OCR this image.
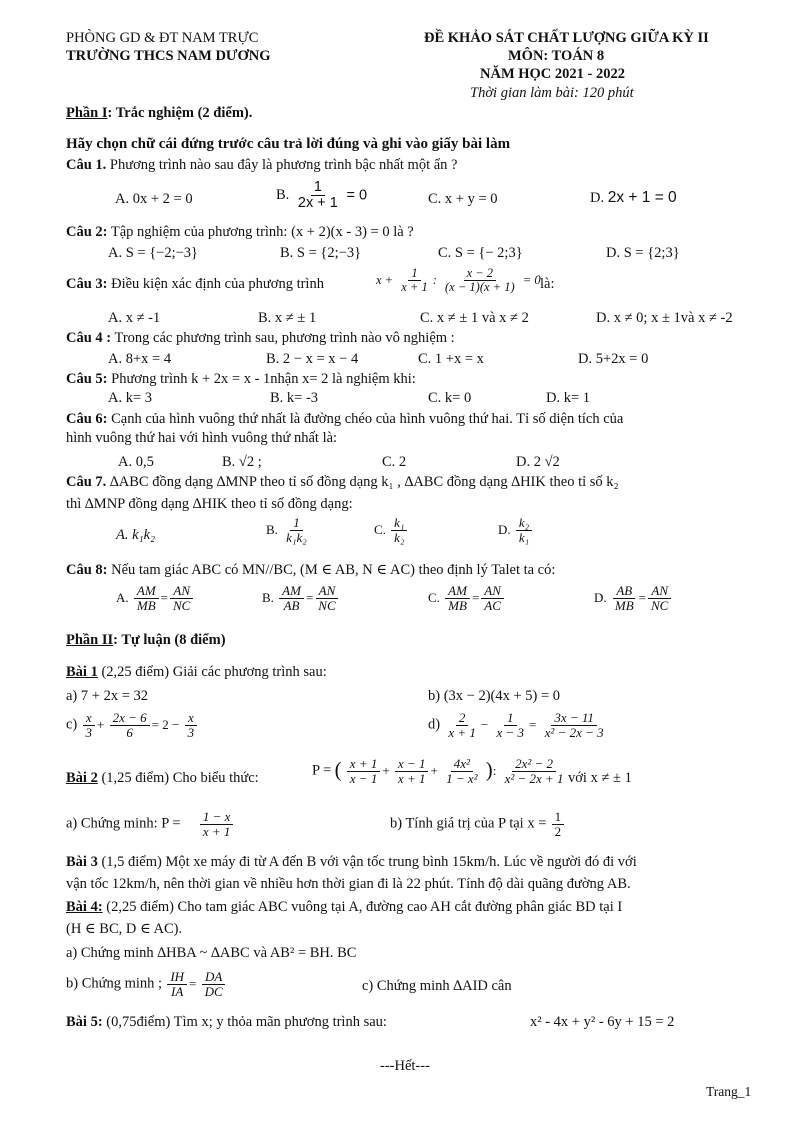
PHÒNG GD & ĐT NAM TRỰC
TRƯỜNG THCS NAM DƯƠNG
ĐỀ KHẢO SÁT CHẤT LƯỢNG GIỮA KỲ II
MÔN: TOÁN 8
NĂM HỌC 2021 - 2022
Thời gian làm bài: 120 phút
Phần I: Trắc nghiệm (2 điểm).
Hãy chọn chữ cái đứng trước câu trả lời đúng và ghi vào giấy bài làm
Câu 1. Phương trình nào sau đây là phương trình bậc nhất một ẩn ?
A. 0x + 2 = 0	B. $\frac{1}{2x + 1} = 0$	C. x + y = 0	D. 2x + 1 = 0
Câu 2: Tập nghiệm của phương trình: (x + 2)(x - 3) = 0 là ?
A. S = {−2;−3}	B. S = {2;−3}	C. S = {− 2;3}	D. S = {2;3}
Câu 3: Điều kiện xác định của phương trình	$x + \frac{1}{x + 1}$ : $\frac{x - 2}{(x - 1)(x + 1)} = 0$ là:
A. x ≠ -1	B. x ≠ ± 1	C. x ≠ ± 1 và x ≠ 2	D. x ≠ 0; x ± 1và x ≠ -2
Câu 4 : Trong các phương trình sau, phương trình nào vô nghiệm :
A. 8+x = 4	B. 2 − x = x − 4	C. 1 +x = x	D. 5+2x = 0
Câu 5: Phương trình k + 2x = x - 1nhận x= 2 là nghiệm khi:
A. k= 3	B. k= -3	C. k= 0	D. k= 1
Câu 6: Cạnh của hình vuông thứ nhất là đường chéo của hình vuông thứ hai. Tỉ số diện tích của
hình vuông thứ hai với hình vuông thứ nhất là:
A. 0,5	B. √2 ;	C. 2	D. 2 √2
Câu 7. ∆ABC đồng dạng ∆MNP theo tỉ số đồng dạng k₁ , ∆ABC đồng dạng ∆HIK theo tỉ số k₂
thì ∆MNP đồng dạng ∆HIK theo tỉ số đồng dạng:
A. k₁k₂	B. $\frac{1}{\text{k₁k₂}}$	C. $\frac{\text{k₁}}{\text{k₂}}$	D. $\frac{\text{k₂}}{\text{k₁}}$
Câu 8: Nếu tam giác ABC có MN//BC, (M ∈ AB, N ∈ AC) theo định lý Talet ta có:
A. $\frac{AM}{MB} = \frac{AN}{NC}$	B. $\frac{AM}{AB} = \frac{AN}{NC}$	C. $\frac{AM}{MB} = \frac{AN}{AC}$	D. $\frac{AB}{MB} = \frac{AN}{NC}$
Phần II: Tự luận (8 điểm)
Bài 1 (2,25 điểm) Giải các phương trình sau:
a) 7 + 2x = 32	b) (3x − 2)(4x + 5) = 0
$c) \frac{x}{3} + \frac{2x - 6}{6} = 2 - \frac{x}{3}$	$d) \frac{2}{x + 1} - \frac{1}{x - 3} = \frac{3x - 11}{\text{x² − 2x − 3}}$
Bài 2 (1,25 điểm) Cho biểu thức:	P = ( $\frac{x + 1}{x - 1} + \frac{x - 1}{x + 1} + \frac{\text{4x²}}{\text{1 − x²}}$ ): $\frac{\text{2x² − 2}}{\text{x² − 2x + 1}}$ với x ≠ ± 1
a) Chứng minh: $P = \frac{1 - x}{x + 1}$	b) Tính giá trị của P tại $x = \frac{1}{2}$
Bài 3 (1,5 điểm) Một xe máy đi từ A đến B với vận tốc trung bình 15km/h. Lúc về người đó đi với
vận tốc 12km/h, nên thời gian về nhiều hơn thời gian đi là 22 phút. Tính độ dài quãng đường AB.
Bài 4: (2,25 điểm) Cho tam giác ABC vuông tại A, đường cao AH cắt đường phân giác BD tại I
(H ∈ BC, D ∈ AC).
a) Chứng minh ∆HBA ~ ∆ABC và AB² = BH. BC
b) Chứng minh ; $\frac{IH}{IA} = \frac{DA}{DC}$	c) Chứng minh ∆AID cân
Bài 5: (0,75điểm) Tìm x; y thỏa mãn phương trình sau:	x² - 4x + y² - 6y + 15 = 2
---Hết---
Trang_1
